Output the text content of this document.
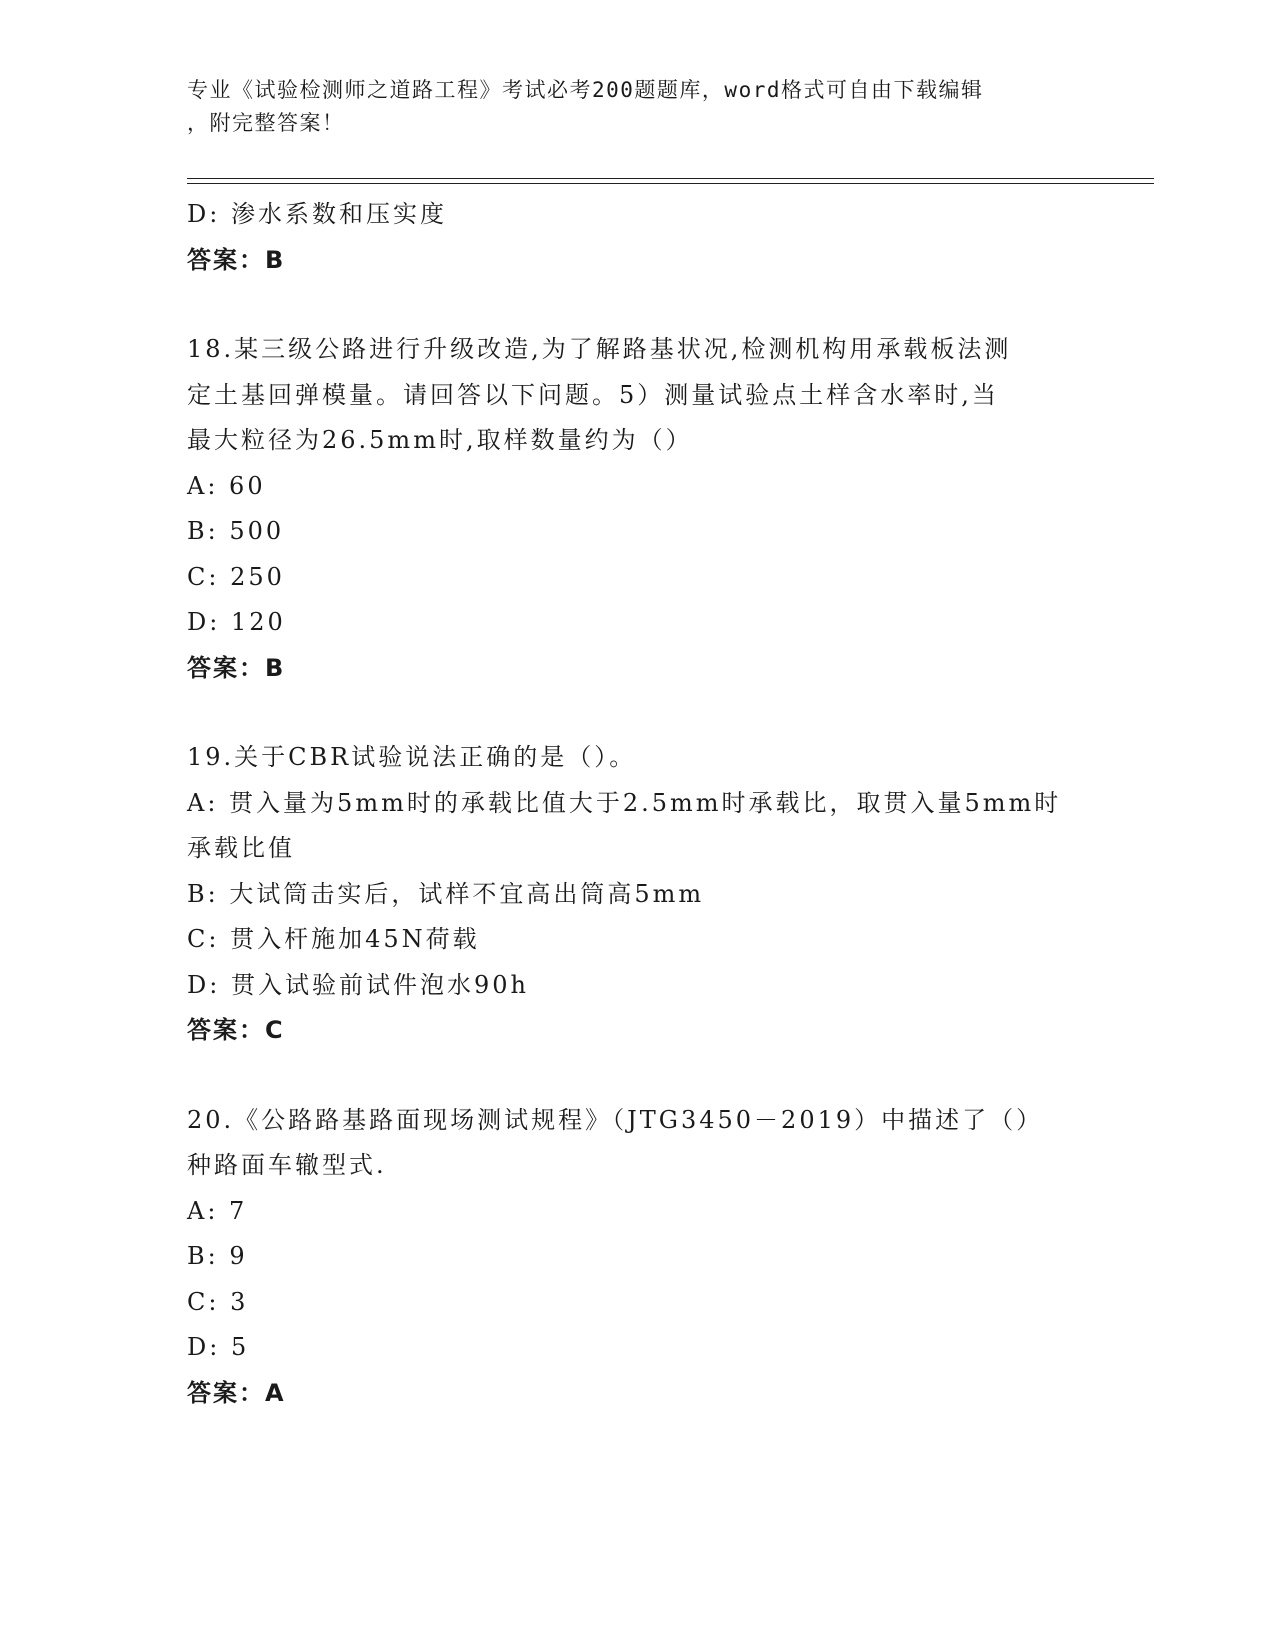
专业《试验检测师之道路工程》考试必考200题题库，word格式可自由下载编辑
，附完整答案！
D: 渗水系数和压实度
答案：B
18.某三级公路进行升级改造,为了解路基状况,检测机构用承载板法测
定土基回弹模量。请回答以下问题。5）测量试验点土样含水率时,当
最大粒径为26.5mm时,取样数量约为（）
A: 60
B: 500
C: 250
D: 120
答案：B
19.关于CBR试验说法正确的是（）。
A: 贯入量为5mm时的承载比值大于2.5mm时承载比，取贯入量5mm时
承载比值
B: 大试筒击实后，试样不宜高出筒高5mm
C: 贯入杆施加45N荷载
D: 贯入试验前试件泡水90h
答案：C
20.《公路路基路面现场测试规程》（JTG3450－2019）中描述了（）
种路面车辙型式.
A: 7
B: 9
C: 3
D: 5
答案：A
